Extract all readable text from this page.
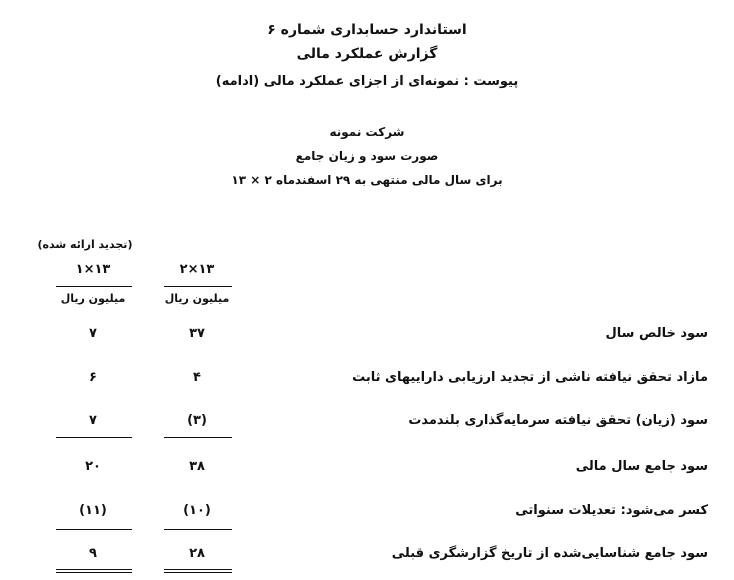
استاندارد حسابداری شماره ۶
گزارش عملکرد مالی
پیوست : نمونه‌ای از اجزای عملکرد مالی (ادامه)
شرکت نمونه
صورت سود و زیان جامع
برای سال مالی منتهی به ۲۹ اسفندماه ۲ × ۱۳
(تجدید ارائه شده)
۱۳×۲
۱۳×۱
میلیون ریال
میلیون ریال
سود خالص سال
۳۷
۷
مازاد تحقق نیافته ناشی از تجدید ارزیابی داراییهای ثابت
۴
۶
سود (زیان) تحقق نیافته سرمایه‌گذاری بلندمدت
(۳)
۷
سود جامع سال مالی
۳۸
۲۰
کسر می‌شود: تعدیلات سنواتی
(۱۰)
(۱۱)
سود جامع شناسایی‌شده از تاریخ گزارشگری قبلی
۲۸
۹
